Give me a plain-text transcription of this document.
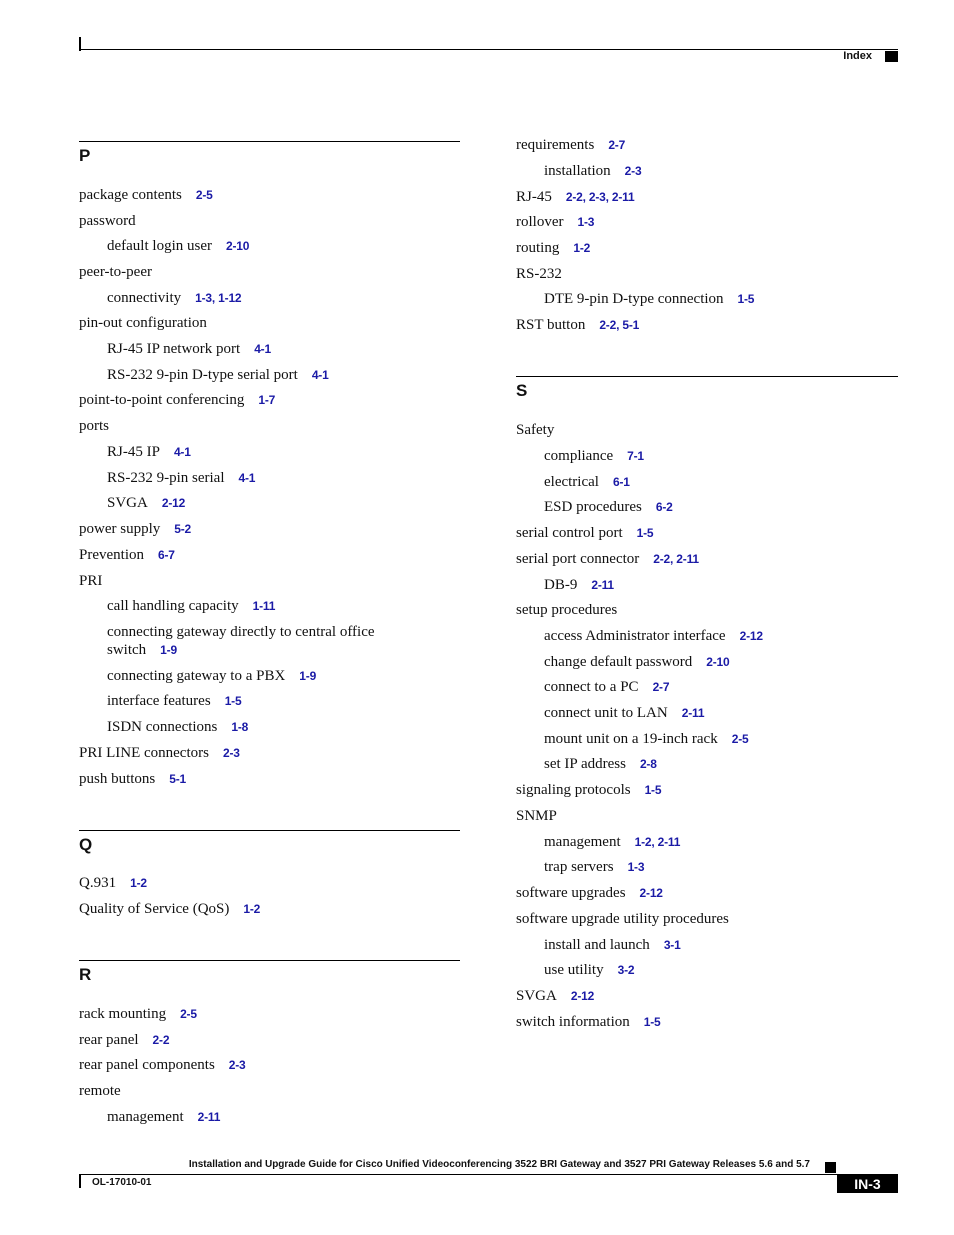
Index
P
package contents 2-5
password
default login user 2-10
peer-to-peer
connectivity 1-3, 1-12
pin-out configuration
RJ-45 IP network port 4-1
RS-232 9-pin D-type serial port 4-1
point-to-point conferencing 1-7
ports
RJ-45 IP 4-1
RS-232 9-pin serial 4-1
SVGA 2-12
power supply 5-2
Prevention 6-7
PRI
call handling capacity 1-11
connecting gateway directly to central office switch 1-9
connecting gateway to a PBX 1-9
interface features 1-5
ISDN connections 1-8
PRI LINE connectors 2-3
push buttons 5-1
Q
Q.931 1-2
Quality of Service (QoS) 1-2
R
rack mounting 2-5
rear panel 2-2
rear panel components 2-3
remote
management 2-11
requirements 2-7
installation 2-3
RJ-45 2-2, 2-3, 2-11
rollover 1-3
routing 1-2
RS-232
DTE 9-pin D-type connection 1-5
RST button 2-2, 5-1
S
Safety
compliance 7-1
electrical 6-1
ESD procedures 6-2
serial control port 1-5
serial port connector 2-2, 2-11
DB-9 2-11
setup procedures
access Administrator interface 2-12
change default password 2-10
connect to a PC 2-7
connect unit to LAN 2-11
mount unit on a 19-inch rack 2-5
set IP address 2-8
signaling protocols 1-5
SNMP
management 1-2, 2-11
trap servers 1-3
software upgrades 2-12
software upgrade utility procedures
install and launch 3-1
use utility 3-2
SVGA 2-12
switch information 1-5
Installation and Upgrade Guide for Cisco Unified Videoconferencing 3522 BRI Gateway and 3527 PRI Gateway Releases 5.6 and 5.7
OL-17010-01	IN-3
